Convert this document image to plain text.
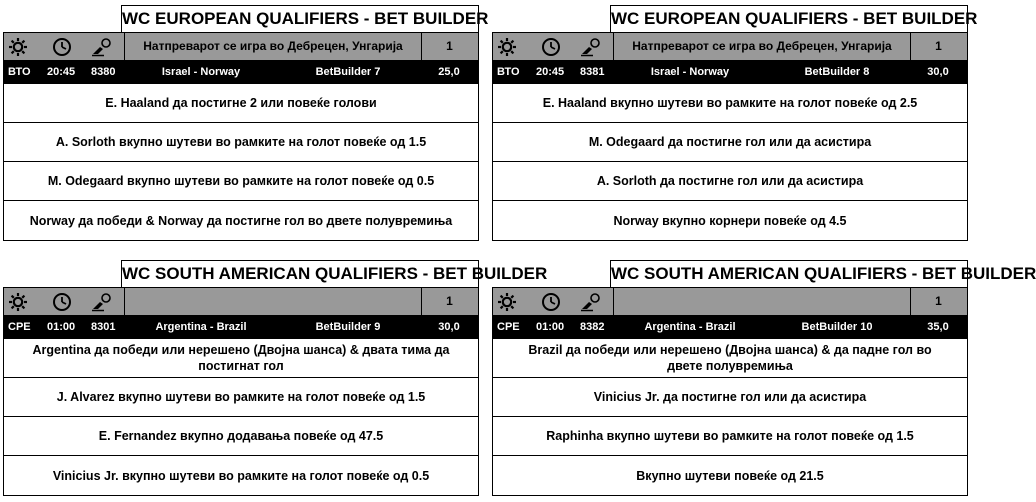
WC EUROPEAN QUALIFIERS - BET BUILDER
Натпреварот се игра во Дебрецен, Унгарија	1
ВТО 20:45 8380	Israel - Norway	BetBuilder 7	25,0
E. Haaland да постигне 2 или повеќе голови
A. Sorloth вкупно шутеви во рамките на голот повеќе од 1.5
M. Odegaard вкупно шутеви во рамките на голот повеќе од 0.5
Norway да победи & Norway да постигне гол во двете полувремиња
WC EUROPEAN QUALIFIERS - BET BUILDER
Натпреварот се игра во Дебрецен, Унгарија	1
ВТО 20:45 8381	Israel - Norway	BetBuilder 8	30,0
E. Haaland вкупно шутеви во рамките на голот повеќе од 2.5
M. Odegaard да постигне гол или да асистира
A. Sorloth да постигне гол или да асистира
Norway вкупно корнери повеќе од 4.5
WC SOUTH AMERICAN QUALIFIERS - BET BUILDER
1
СРЕ 01:00 8301	Argentina - Brazil	BetBuilder 9	30,0
Argentina да победи или нерешено (Двојна шанса) & двата тима да постигнат гол
J. Alvarez вкупно шутеви во рамките на голот повеќе од 1.5
E. Fernandez вкупно додавања повеќе од 47.5
Vinicius Jr. вкупно шутеви во рамките на голот повеќе од 0.5
WC SOUTH AMERICAN QUALIFIERS - BET BUILDER
1
СРЕ 01:00 8382	Argentina - Brazil	BetBuilder 10	35,0
Brazil да победи или нерешено (Двојна шанса) & да падне гол во двете полувремиња
Vinicius Jr. да постигне гол или да асистира
Raphinha вкупно шутеви во рамките на голот повеќе од 1.5
Вкупно шутеви повеќе од 21.5
